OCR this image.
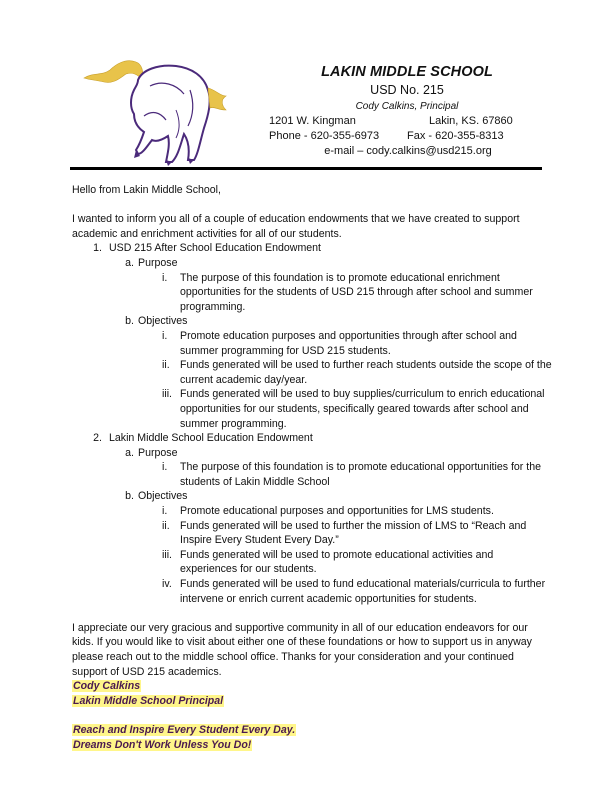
LAKIN MIDDLE SCHOOL
USD No. 215
Cody Calkins, Principal
1201 W. Kingman	Lakin, KS. 67860
Phone - 620-355-6973	Fax - 620-355-8313
e-mail – cody.calkins@usd215.org

Hello from Lakin Middle School,

I wanted to inform you all of a couple of education endowments that we have created to support academic and enrichment activities for all of our students.

1. USD 215 After School Education Endowment
a. Purpose
i.	The purpose of this foundation is to promote educational enrichment opportunities for the students of USD 215 through after school and summer programming.
b. Objectives
i.	Promote education purposes and opportunities through after school and summer programming for USD 215 students.
ii. Funds generated will be used to further reach students outside the scope of the current academic day/year.
iii. Funds generated will be used to buy supplies/curriculum to enrich educational opportunities for our students, specifically geared towards after school and summer programming.
2. Lakin Middle School Education Endowment
a. Purpose
i.	The purpose of this foundation is to promote educational opportunities for the students of Lakin Middle School
b. Objectives
i.	Promote educational purposes and opportunities for LMS students.
ii. Funds generated will be used to further the mission of LMS to “Reach and Inspire Every Student Every Day.”
iii. Funds generated will be used to promote educational activities and experiences for our students.
iv. Funds generated will be used to fund educational materials/curricula to further intervene or enrich current academic opportunities for students.

I appreciate our very gracious and supportive community in all of our education endeavors for our kids. If you would like to visit about either one of these foundations or how to support us in anyway please reach out to the middle school office. Thanks for your consideration and your continued support of USD 215 academics.

Cody Calkins
Lakin Middle School Principal
Reach and Inspire Every Student Every Day.
Dreams Don't Work Unless You Do!
